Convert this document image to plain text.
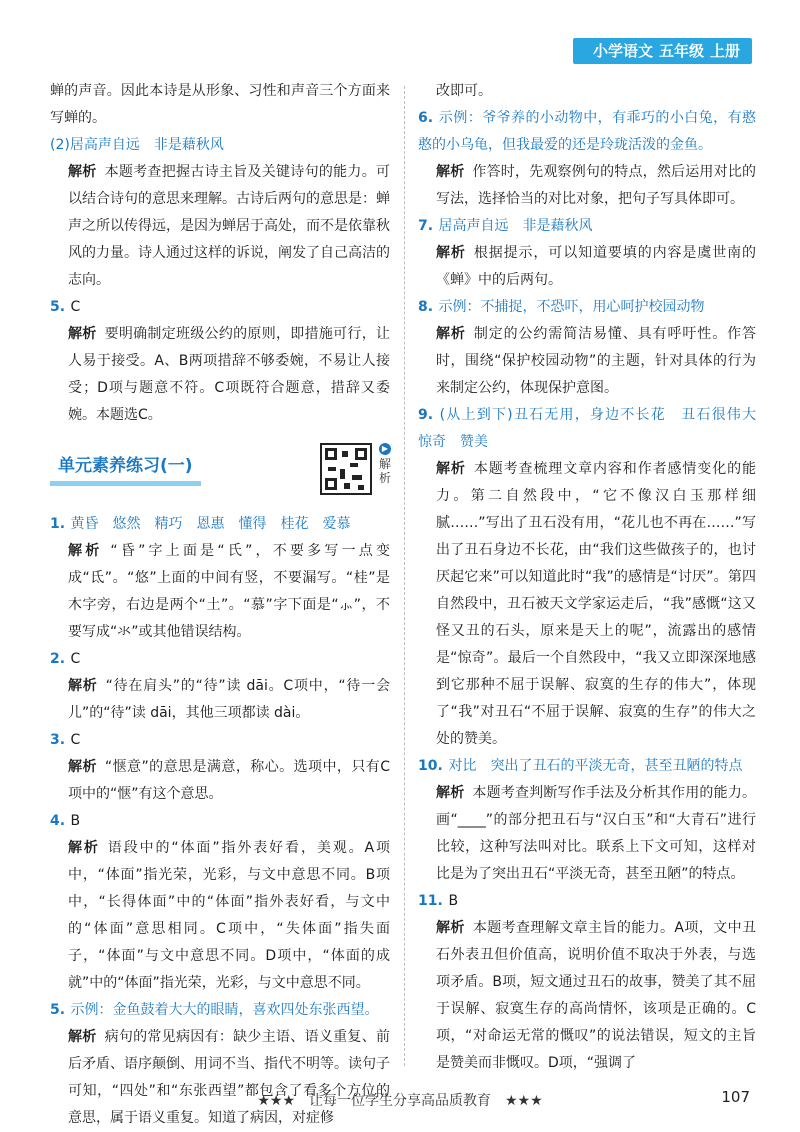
小学语文 五年级 上册
蝉的声音。因此本诗是从形象、习性和声音三个方面来写蝉的。
(2)居高声自远　非是藉秋风
解析 本题考查把握古诗主旨及关键诗句的能力。可以结合诗句的意思来理解。古诗后两句的意思是：蝉声之所以传得远，是因为蝉居于高处，而不是依靠秋风的力量。诗人通过这样的诉说，阐发了自己高洁的志向。
5. C
解析 要明确制定班级公约的原则，即措施可行，让人易于接受。A、B两项措辞不够委婉，不易让人接受；D项与题意不符。C项既符合题意，措辞又委婉。本题选C。
单元素养练习(一)
▶
解析
1. 黄昏　悠然　精巧　恩惠　懂得　桂花　爱慕
解析 “昏”字上面是“氏”，不要多写一点变成“氐”。“悠”上面的中间有竖，不要漏写。“桂”是木字旁，右边是两个“土”。“慕”字下面是“⺗”，不要写成“氺”或其他错误结构。
2. C
解析 “待在肩头”的“待”读 dāi。C项中，“待一会儿”的“待”读 dāi，其他三项都读 dài。
3. C
解析 “惬意”的意思是满意，称心。选项中，只有C项中的“惬”有这个意思。
4. B
解析 语段中的“体面”指外表好看，美观。A项中，“体面”指光荣，光彩，与文中意思不同。B项中，“长得体面”中的“体面”指外表好看，与文中的“体面”意思相同。C项中，“失体面”指失面子，“体面”与文中意思不同。D项中，“体面的成就”中的“体面”指光荣，光彩，与文中意思不同。
5. 示例：金鱼鼓着大大的眼睛，喜欢四处东张西望。
解析 病句的常见病因有：缺少主语、语义重复、前后矛盾、语序颠倒、用词不当、指代不明等。读句子可知，“四处”和“东张西望”都包含了看多个方位的意思，属于语义重复。知道了病因，对症修
改即可。
6. 示例：爷爷养的小动物中，有乖巧的小白兔，有憨憨的小乌龟，但我最爱的还是玲珑活泼的金鱼。
解析 作答时，先观察例句的特点，然后运用对比的写法，选择恰当的对比对象，把句子写具体即可。
7. 居高声自远　非是藉秋风
解析 根据提示，可以知道要填的内容是虞世南的《蝉》中的后两句。
8. 示例：不捕捉，不恐吓，用心呵护校园动物
解析 制定的公约需简洁易懂、具有呼吁性。作答时，围绕“保护校园动物”的主题，针对具体的行为来制定公约，体现保护意图。
9. (从上到下)丑石无用，身边不长花　丑石很伟大　惊奇　赞美
解析 本题考查梳理文章内容和作者感情变化的能力。第二自然段中，“它不像汉白玉那样细腻……”写出了丑石没有用，“花儿也不再在……”写出了丑石身边不长花，由“我们这些做孩子的，也讨厌起它来”可以知道此时“我”的感情是“讨厌”。第四自然段中，丑石被天文学家运走后，“我”感慨“这又怪又丑的石头，原来是天上的呢”，流露出的感情是“惊奇”。最后一个自然段中，“我又立即深深地感到它那种不屈于误解、寂寞的生存的伟大”，体现了“我”对丑石“不屈于误解、寂寞的生存”的伟大之处的赞美。
10. 对比　突出了丑石的平淡无奇，甚至丑陋的特点
解析 本题考查判断写作手法及分析其作用的能力。画“____”的部分把丑石与“汉白玉”和“大青石”进行比较，这种写法叫对比。联系上下文可知，这样对比是为了突出丑石“平淡无奇，甚至丑陋”的特点。
11. B
解析 本题考查理解文章主旨的能力。A项，文中丑石外表丑但价值高，说明价值不取决于外表，与选项矛盾。B项，短文通过丑石的故事，赞美了其不屈于误解、寂寞生存的高尚情怀，该项是正确的。C项，“对命运无常的慨叹”的说法错误，短文的主旨是赞美而非慨叹。D项，“强调了
★★★　让每一位学生分享高品质教育　★★★	107
